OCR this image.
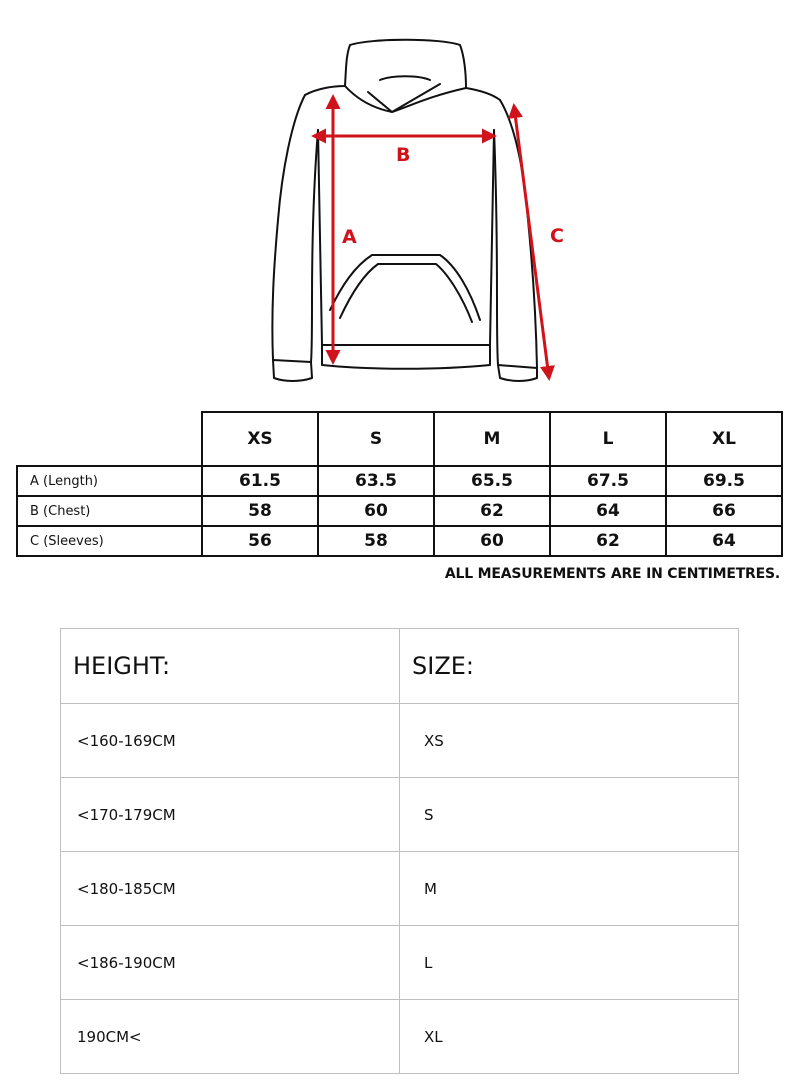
A
B
C
	XS	S	M	L	XL
A (Length)	61.5	63.5	65.5	67.5	69.5
B (Chest)	58	60	62	64	66
C (Sleeves)	56	58	60	62	64
ALL MEASUREMENTS ARE IN CENTIMETRES.
HEIGHT:	SIZE:
<160-169CM	XS
<170-179CM	S
<180-185CM	M
<186-190CM	L
190CM<	XL
